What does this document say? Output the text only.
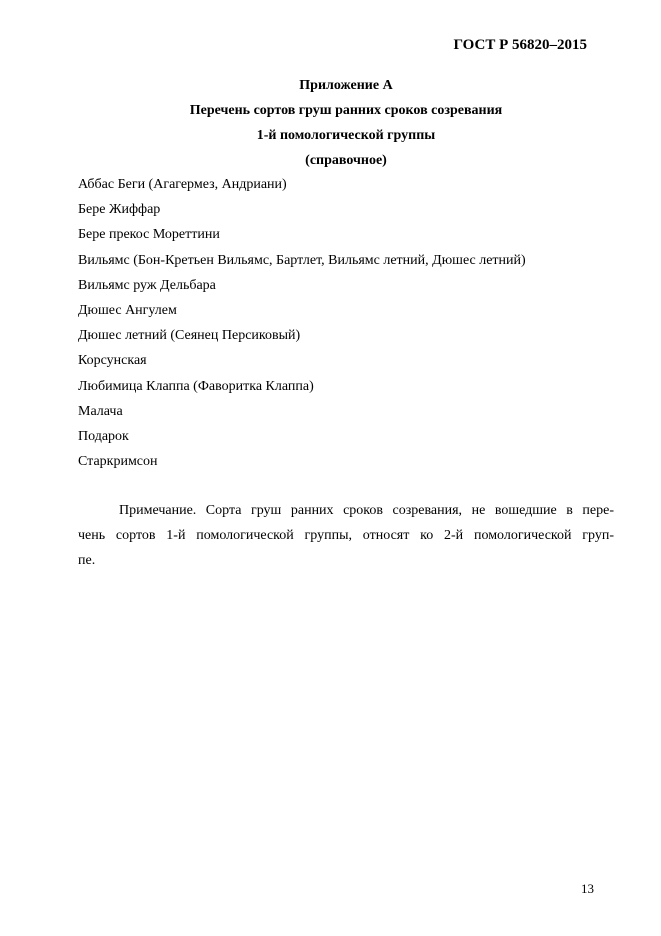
ГОСТ Р 56820–2015
Приложение А
Перечень сортов груш ранних сроков созревания
1-й помологической группы
(справочное)
Аббас Беги (Агагермез, Андриани)
Бере Жиффар
Бере прекос Мореттини
Вильямс (Бон-Кретьен Вильямс, Бартлет, Вильямс летний, Дюшес летний)
Вильямс руж Дельбара
Дюшес Ангулем
Дюшес летний (Сеянец Персиковый)
Корсунская
Любимица Клаппа (Фаворитка Клаппа)
Малача
Подарок
Старкримсон
Примечание. Сорта груш ранних сроков созревания, не вошедшие в пере-
чень сортов 1-й помологической группы, относят ко 2-й помологической груп-
пе.
13
